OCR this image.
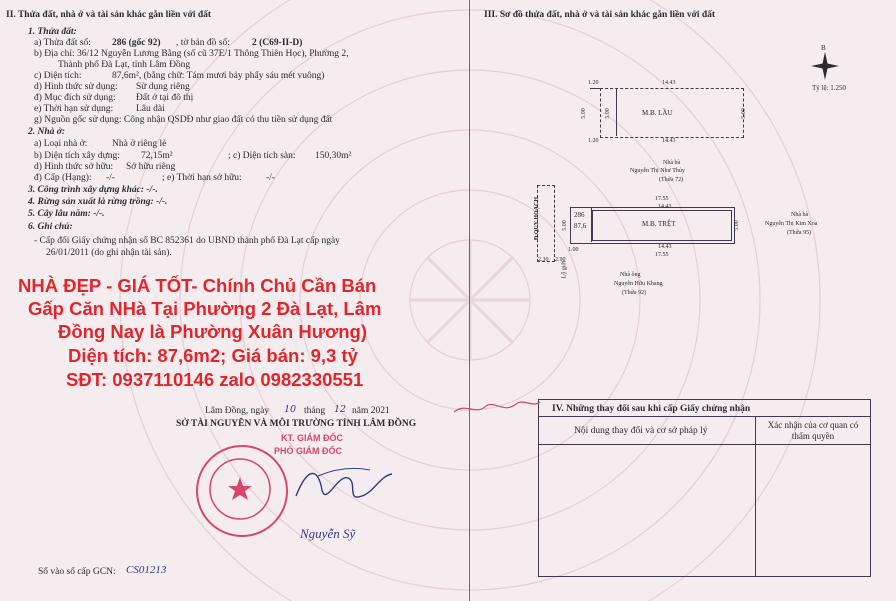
II. Thửa đất, nhà ở và tài sản khác gắn liền với đất
1. Thửa đất:
a) Thửa đất số: 286 (gốc 92) , tờ bản đồ số: 2 (C69-II-D)
b) Địa chỉ: 36/12 Nguyễn Lương Bằng (số cũ 37E/1 Thông Thiên Học), Phường 2,
Thành phố Đà Lạt, tỉnh Lâm Đồng
c) Diện tích:	87,6m², (bằng chữ: Tám mươi bảy phẩy sáu mét vuông)
d) Hình thức sử dụng: Sử dụng riêng
đ) Mục đích sử dụng: Đất ở tại đô thị
e) Thời hạn sử dụng: Lâu dài
g) Nguồn gốc sử dụng: Công nhận QSDĐ như giao đất có thu tiền sử dụng đất
2. Nhà ở:
a) Loại nhà ở:	Nhà ở riêng lẻ
b) Diện tích xây dựng: 72,15m²	; c) Diện tích sàn: 150,30m²
d) Hình thức sở hữu: Sở hữu riêng
đ) Cấp (Hạng): -/-	; e) Thời hạn sở hữu:	-/-
3. Công trình xây dựng khác: -/-.
4. Rừng sản xuất là rừng trồng: -/-.
5. Cây lâu năm: -/-.
6. Ghi chú:
- Cấp đổi Giấy chứng nhận số BC 852361 do UBND thành phố Đà Lạt cấp ngày
26/01/2011 (do ghi nhận tài sản).
NHÀ ĐẸP - GIÁ TỐT- Chính Chủ Cần Bán
Gấp Căn NHà Tại Phường 2 Đà Lạt, Lâm
Đồng Nay là Phường Xuân Hương)
Diện tích: 87,6m2; Giá bán: 9,3 tỷ
SĐT: 0937110146 zalo 0982330551
Lâm Đồng, ngày 10 tháng 12 năm 2021
SỞ TÀI NGUYÊN VÀ MÔI TRƯỜNG TỈNH LÂM ĐỒNG
KT. GIÁM ĐỐC
PHÓ GIÁM ĐỐC
Nguyễn Sỹ
Số vào sổ cấp GCN: CS01213
III. Sơ đồ thửa đất, nhà ở và tài sản khác gắn liền với đất
B
Tỷ lệ: 1.250
1.20	14.43
1.20	14.43
5.00	5.00	5.00
M.B. LẦU
Nhà bà
Nguyễn Thị Như Thủy
(Thửa 72)
17.55
14.43
286
87,6	M.B. TRỆT
14.43
17.55
5.00
5.00
Đ.QUY HOẠCH
2.30 2.90
Lộ giới
1.00
Nhà bà
Nguyễn Thị Kim Xoa
(Thửa 95)
Nhà ông
Nguyễn Hữu Khang
(Thửa 92)
IV. Những thay đổi sau khi cấp Giấy chứng nhận
Nội dung thay đổi và cơ sở pháp lý
Xác nhận của cơ quan có thẩm quyền
